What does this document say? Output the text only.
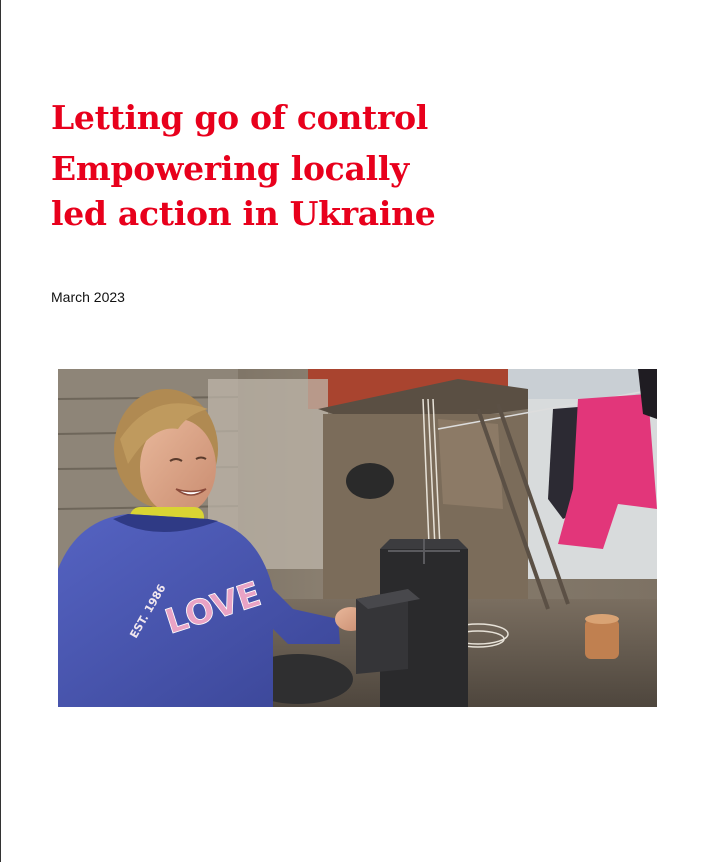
Letting go of control
Empowering locally
led action in Ukraine
March 2023
LOVE
EST. 1986
